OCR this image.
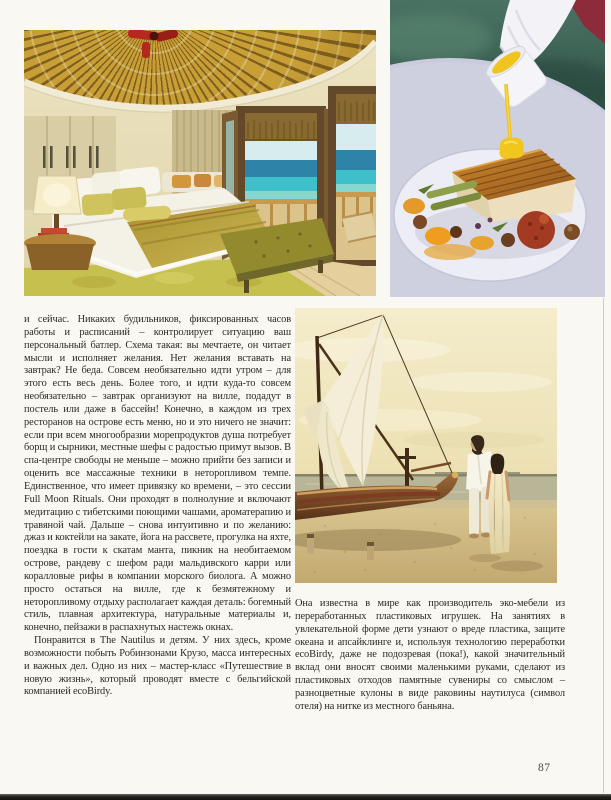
и сейчас. Никаких будильников, фиксированных часов работы и расписаний – контролирует ситуацию ваш персональный батлер. Схема такая: вы мечтаете, он читает мысли и исполняет желания. Нет желания вставать на завтрак? Не беда. Совсем необязательно идти утром – для этого есть весь день. Более того, и идти куда-то совсем необязательно – завтрак организуют на вилле, подадут в постель или даже в бассейн! Конечно, в каждом из трех ресторанов на острове есть меню, но и это ничего не значит: если при всем многообразии морепродуктов душа потребует борщ и сырники, местные шефы с радостью примут вызов. В спа-центре свободы не меньше – можно прийти без записи и оценить все массажные техники в неторопливом темпе. Единственное, что имеет привязку ко времени, – это сессии Full Moon Rituals. Они проходят в полнолуние и включают медитацию с тибетскими поющими чашами, ароматерапию и травяной чай. Дальше – снова интуитивно и по желанию: джаз и коктейли на закате, йога на рассвете, прогулка на яхте, поездка в гости к скатам манта, пикник на необитаемом острове, рандеву с шефом ради мальдивского карри или коралловые рифы в компании морского биолога. А можно просто остаться на вилле, где к безмятежному и неторопливому отдыху располагает каждая деталь: богемный стиль, плавная архитектура, натуральные материалы и, конечно, пейзажи в распахнутых настежь окнах.

Понравится в The Nautilus и детям. У них здесь, кроме возможности побыть Робинзонами Крузо, масса интересных и важных дел. Одно из них – мастер-класс «Путешествие в новую жизнь», который проводят вместе с бельгийской компанией ecoBirdy.

Она известна в мире как производитель эко-мебели из переработанных пластиковых игрушек. На занятиях в увлекательной форме дети узнают о вреде пластика, защите океана и апсайклинге и, используя технологию переработки ecoBirdy, даже не подозревая (пока!), какой значительный вклад они вносят своими маленькими руками, сделают из пластиковых отходов памятные сувениры со смыслом – разноцветные кулоны в виде раковины наутилуса (символ отеля) на нитке из местного баньяна.

87
